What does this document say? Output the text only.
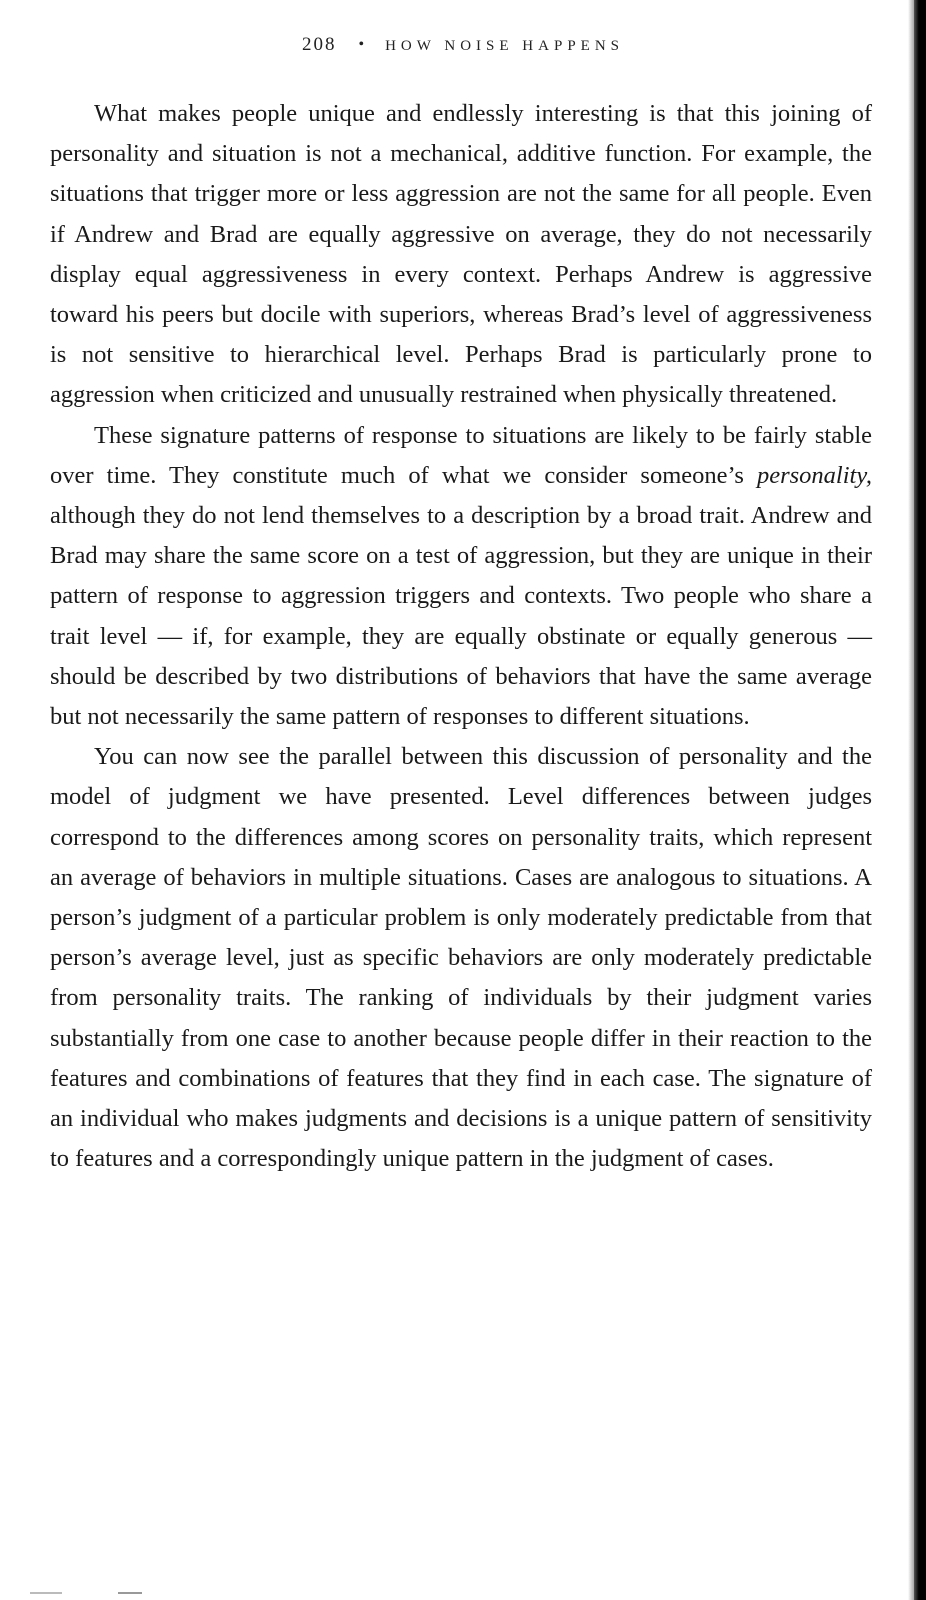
208 • HOW NOISE HAPPENS

What makes people unique and endlessly interesting is that this joining of personality and situation is not a mechanical, additive function. For example, the situations that trigger more or less aggression are not the same for all people. Even if Andrew and Brad are equally aggressive on average, they do not necessarily display equal aggressiveness in every context. Perhaps Andrew is aggressive toward his peers but docile with superiors, whereas Brad’s level of aggressiveness is not sensitive to hierarchical level. Perhaps Brad is particularly prone to aggression when criticized and unusually restrained when physically threatened.

These signature patterns of response to situations are likely to be fairly stable over time. They constitute much of what we consider someone’s personality, although they do not lend themselves to a description by a broad trait. Andrew and Brad may share the same score on a test of aggression, but they are unique in their pattern of response to aggression triggers and contexts. Two people who share a trait level — if, for example, they are equally obstinate or equally generous — should be described by two distributions of behaviors that have the same average but not necessarily the same pattern of responses to different situations.

You can now see the parallel between this discussion of personality and the model of judgment we have presented. Level differences between judges correspond to the differences among scores on personality traits, which represent an average of behaviors in multiple situations. Cases are analogous to situations. A person’s judgment of a particular problem is only moderately predictable from that person’s average level, just as specific behaviors are only moderately predictable from personality traits. The ranking of individuals by their judgment varies substantially from one case to another because people differ in their reaction to the features and combinations of features that they find in each case. The signature of an individual who makes judgments and decisions is a unique pattern of sensitivity to features and a correspondingly unique pattern in the judgment of cases.
